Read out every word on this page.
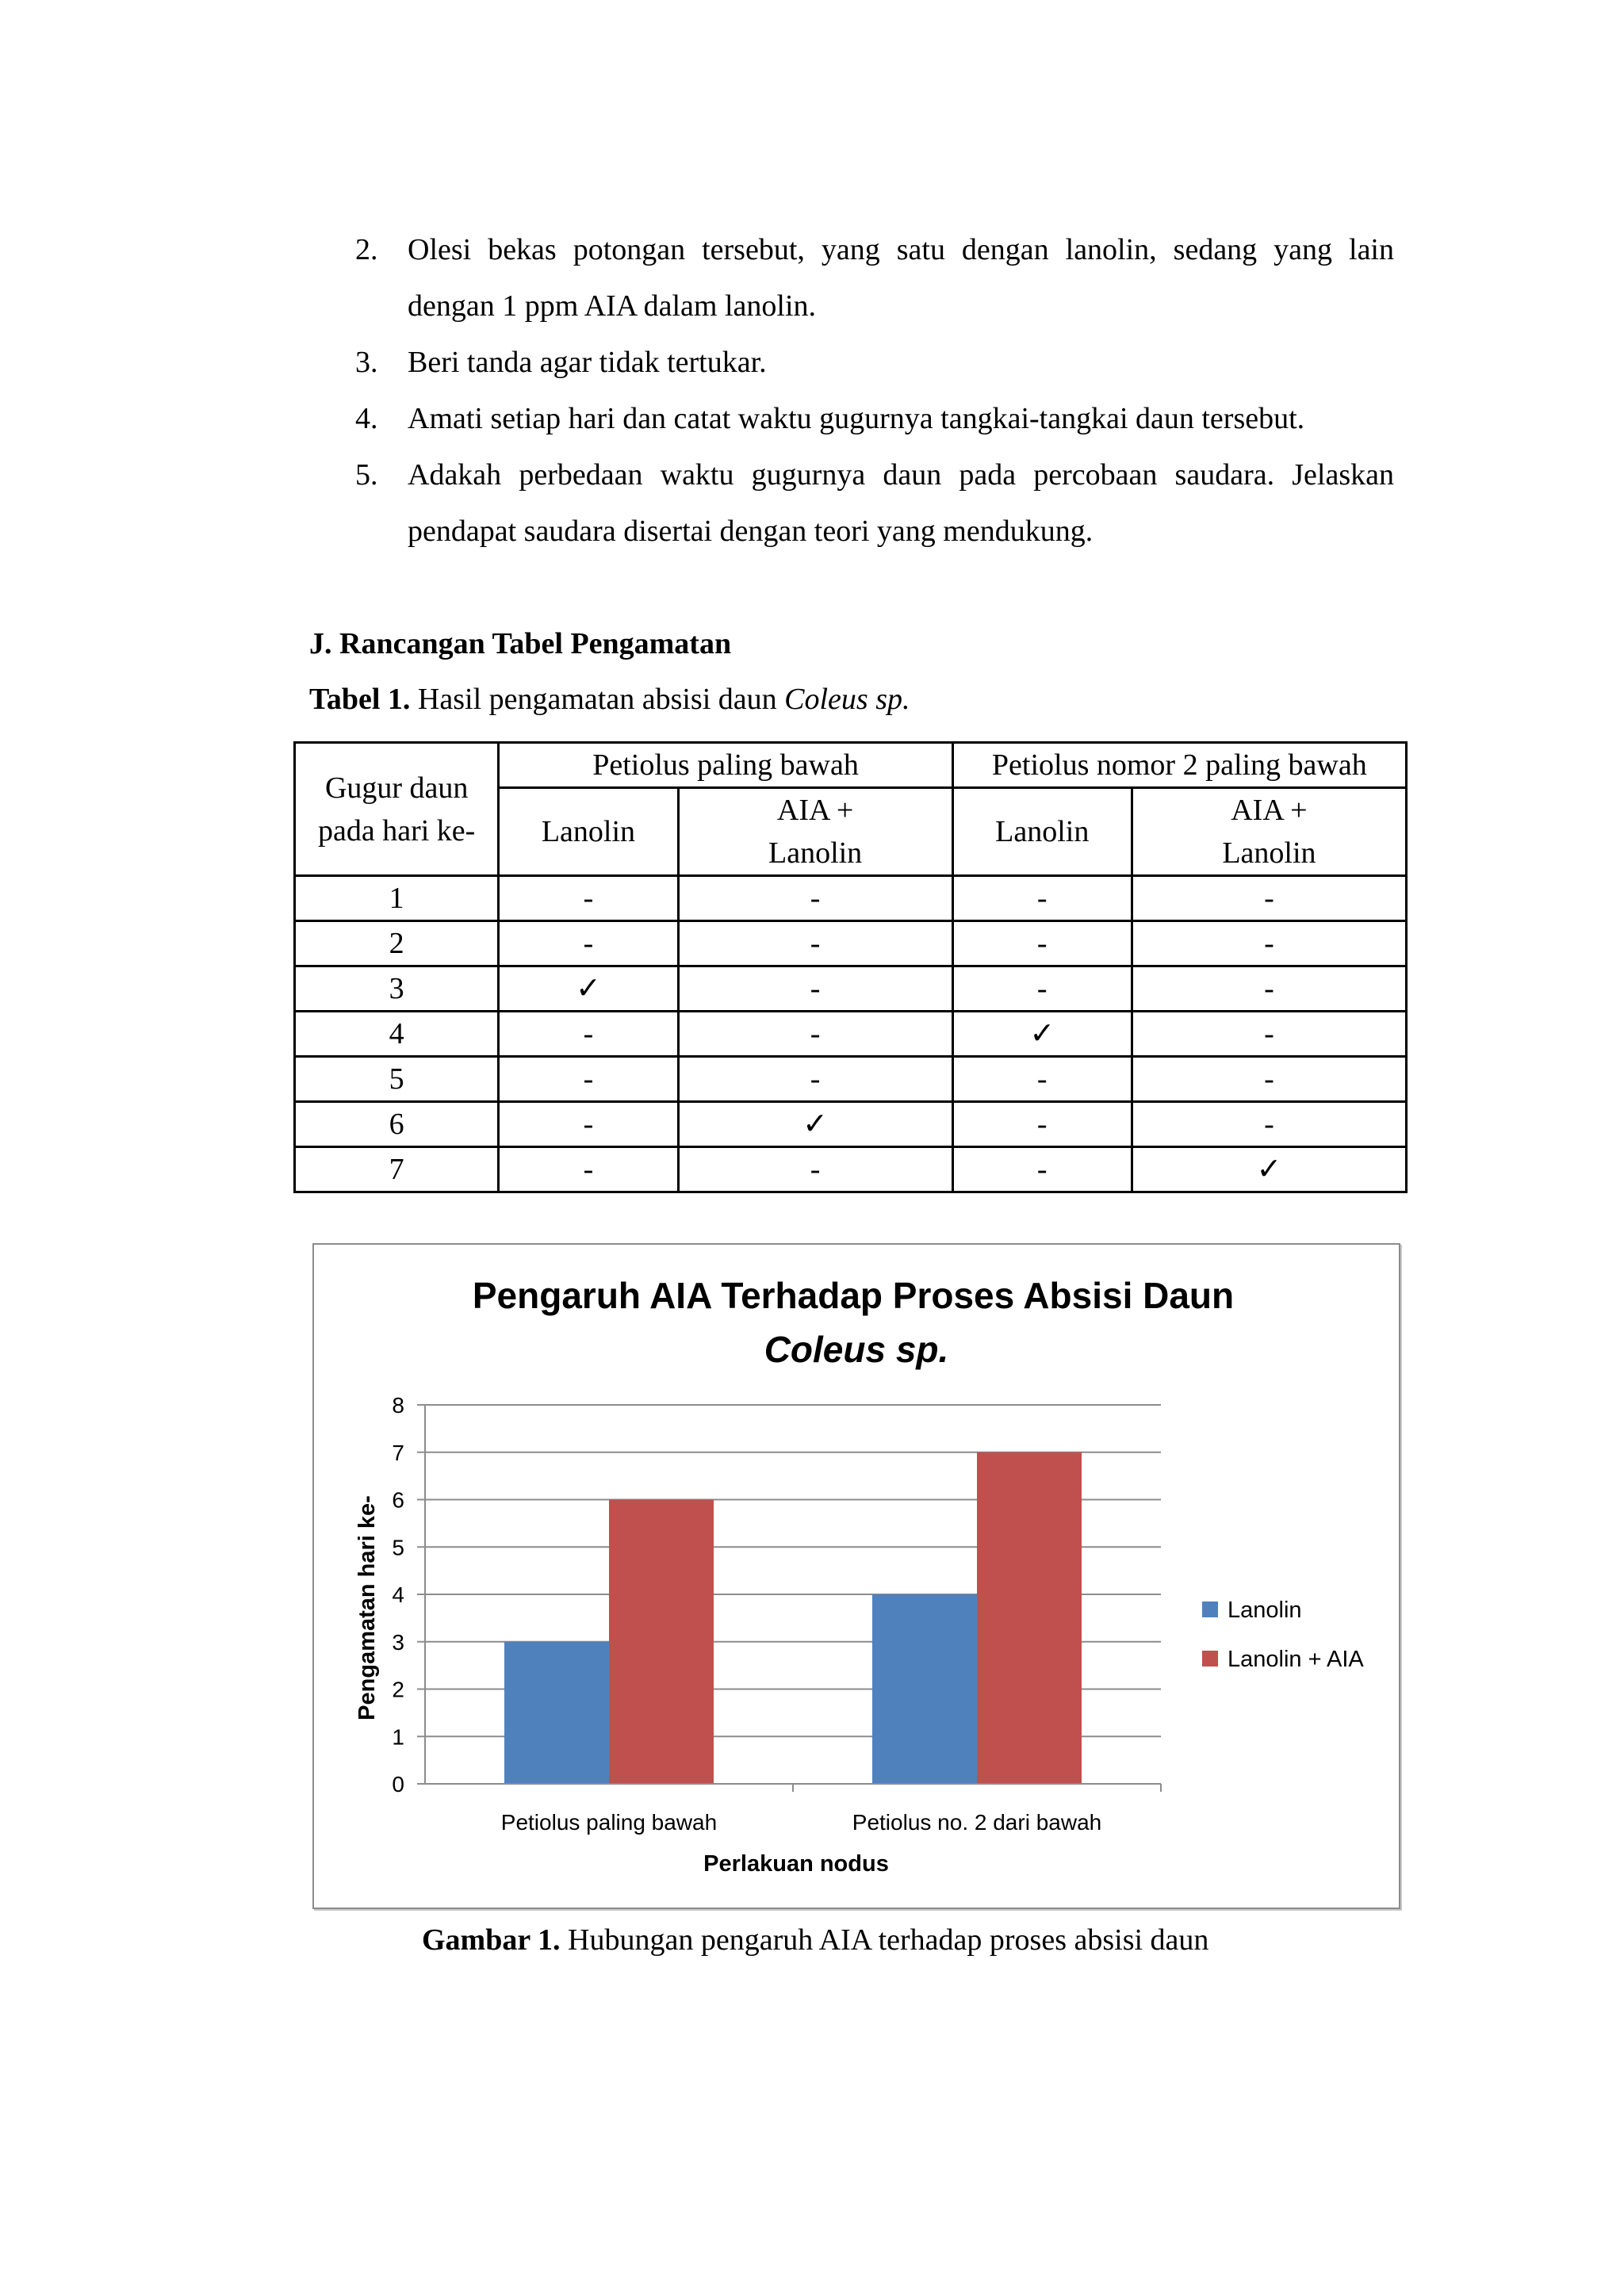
2. Olesi bekas potongan tersebut, yang satu dengan lanolin, sedang yang lain dengan 1 ppm AIA dalam lanolin.
3. Beri tanda agar tidak tertukar.
4. Amati setiap hari dan catat waktu gugurnya tangkai-tangkai daun tersebut.
5. Adakah perbedaan waktu gugurnya daun pada percobaan saudara. Jelaskan pendapat saudara disertai dengan teori yang mendukung.
J. Rancangan Tabel Pengamatan
Tabel 1. Hasil pengamatan absisi daun Coleus sp.
Gugur daun pada hari ke-	Petiolus paling bawah		Petiolus nomor 2 paling bawah	
	Lanolin	AIA + Lanolin	Lanolin	AIA + Lanolin
1	-	-	-	-
2	-	-	-	-
3	✓	-	-	-
4	-	-	✓	-
5	-	-	-	-
6	-	✓	-	-
7	-	-	-	✓
Pengaruh AIA Terhadap Proses Absisi Daun
Coleus sp.
0
1
2
3
4
5
6
7
8
Petiolus paling bawah	Petiolus no. 2 dari bawah
Perlakuan nodus
Pengamatan hari ke-	Lanolin
Lanolin + AIA
Gambar 1. Hubungan pengaruh AIA terhadap proses absisi daun
